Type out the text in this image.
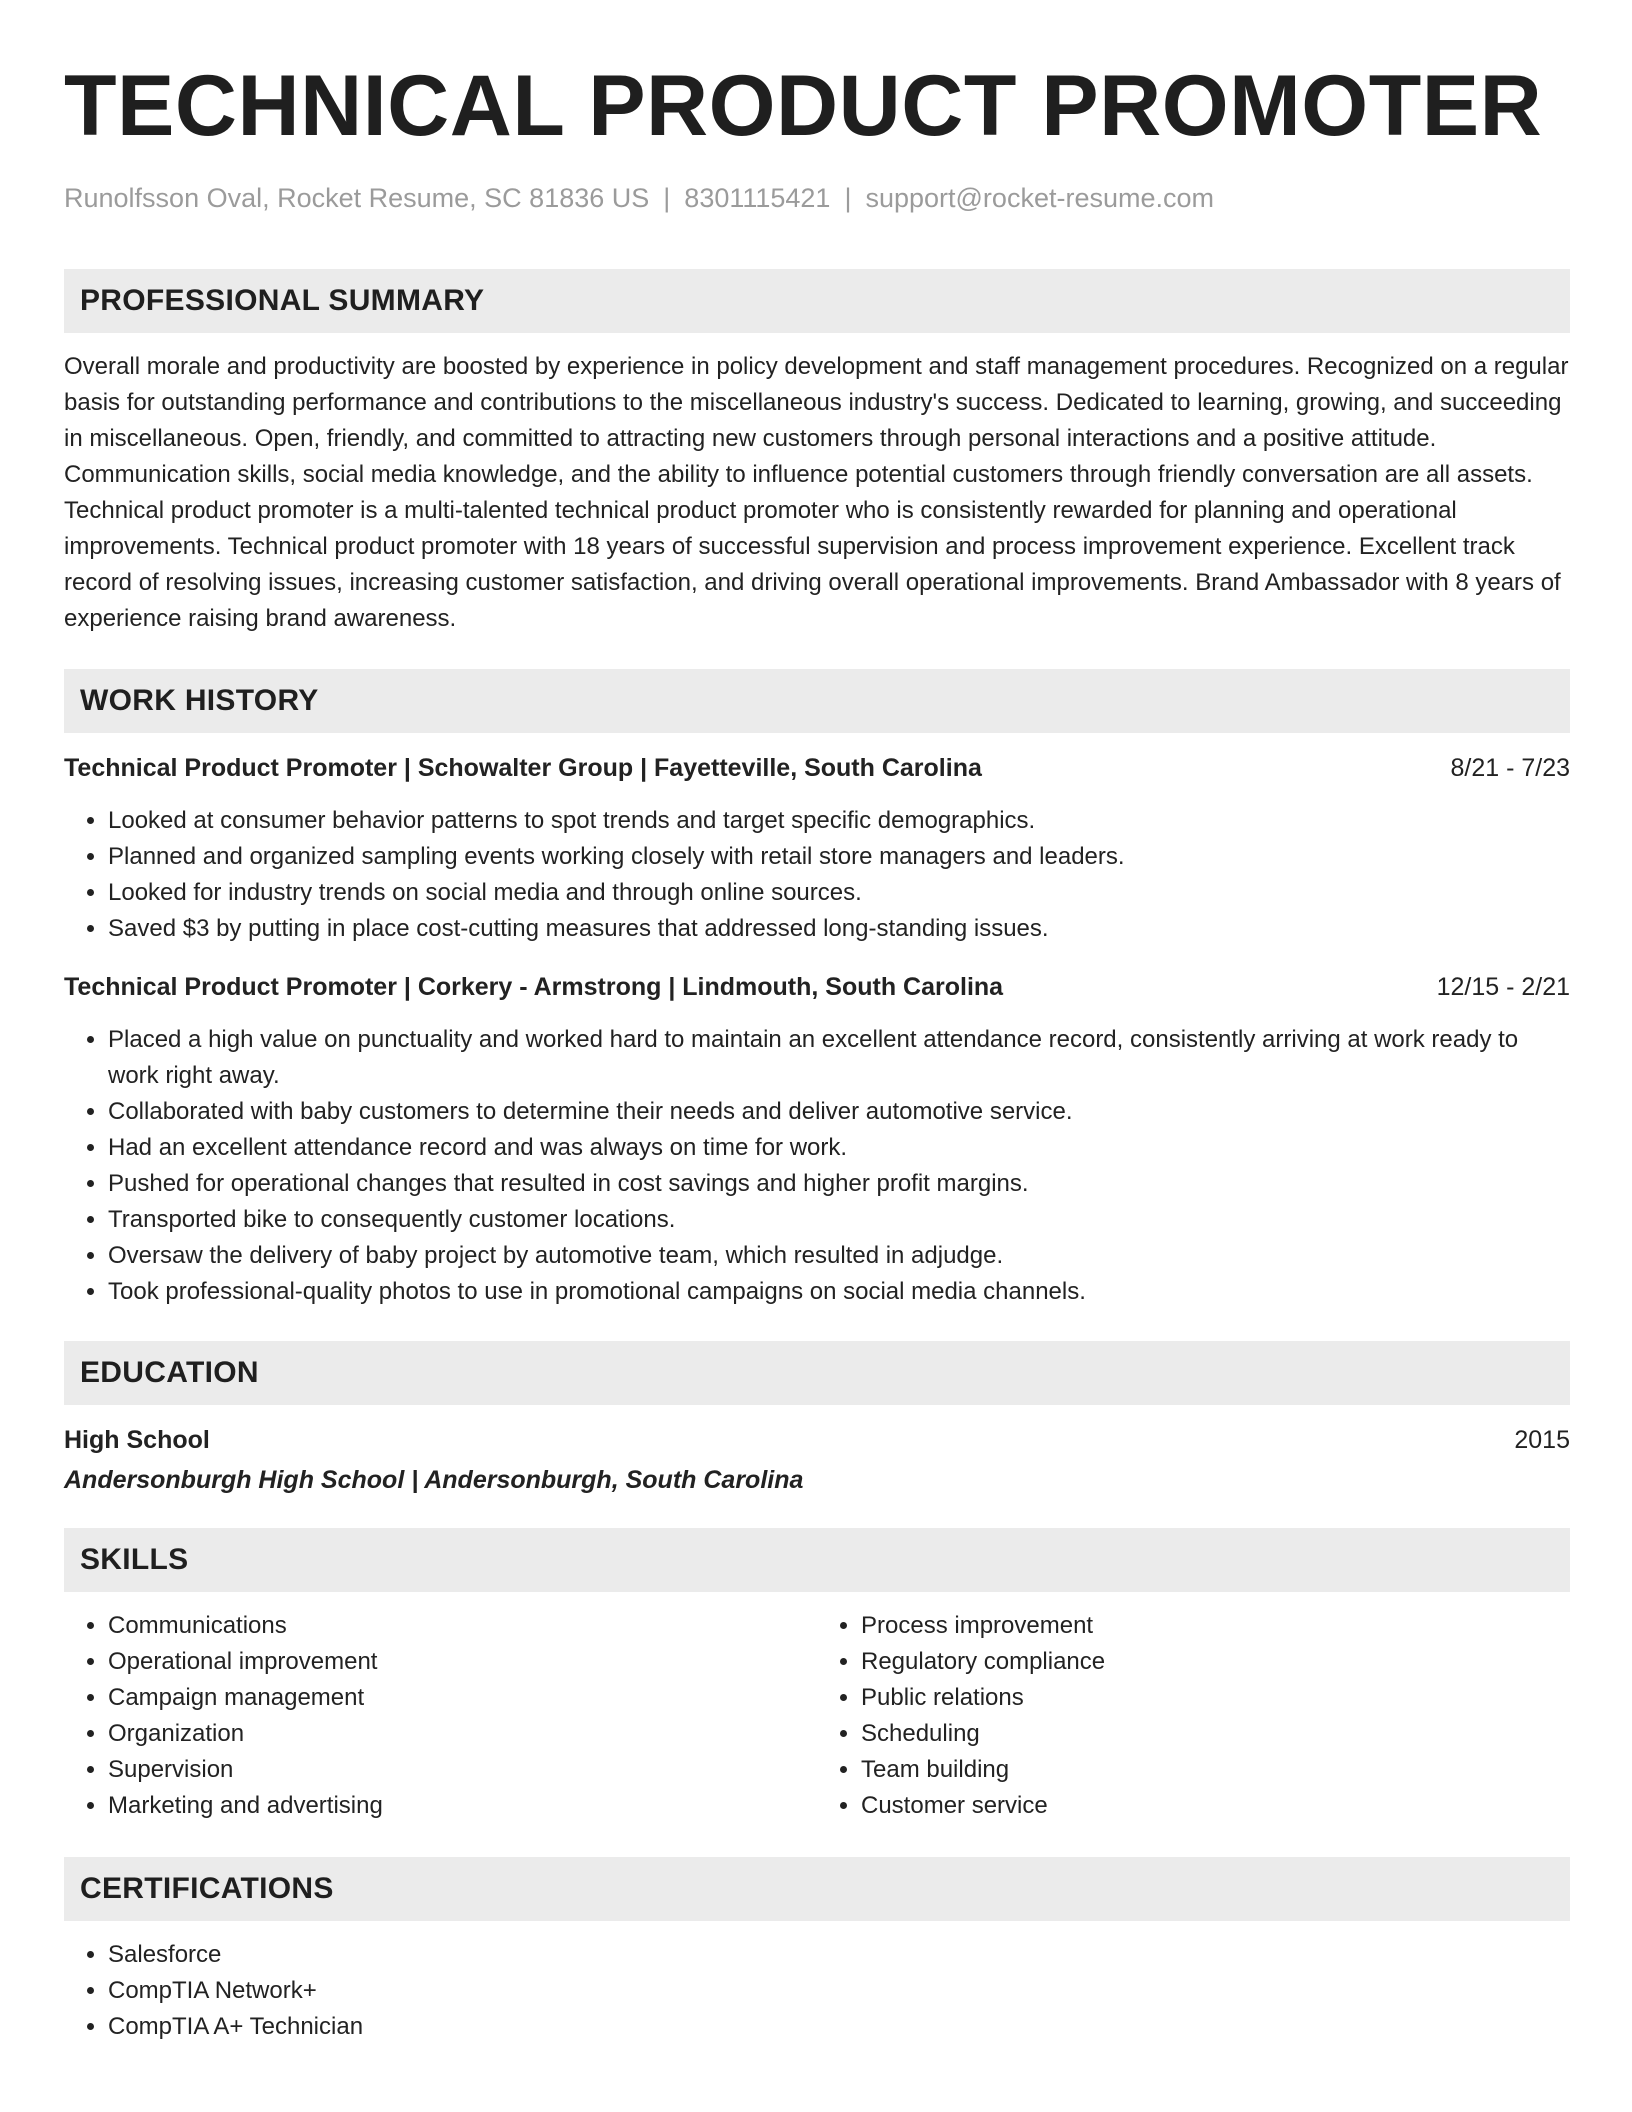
TECHNICAL PRODUCT PROMOTER
Runolfsson Oval, Rocket Resume, SC 81836 US | 8301115421 | support@rocket-resume.com
PROFESSIONAL SUMMARY
Overall morale and productivity are boosted by experience in policy development and staff management procedures. Recognized on a regular basis for outstanding performance and contributions to the miscellaneous industry's success. Dedicated to learning, growing, and succeeding in miscellaneous. Open, friendly, and committed to attracting new customers through personal interactions and a positive attitude. Communication skills, social media knowledge, and the ability to influence potential customers through friendly conversation are all assets. Technical product promoter is a multi-talented technical product promoter who is consistently rewarded for planning and operational improvements. Technical product promoter with 18 years of successful supervision and process improvement experience. Excellent track record of resolving issues, increasing customer satisfaction, and driving overall operational improvements. Brand Ambassador with 8 years of experience raising brand awareness.
WORK HISTORY
Technical Product Promoter | Schowalter Group | Fayetteville, South Carolina	8/21 - 7/23
• Looked at consumer behavior patterns to spot trends and target specific demographics.
• Planned and organized sampling events working closely with retail store managers and leaders.
• Looked for industry trends on social media and through online sources.
• Saved $3 by putting in place cost-cutting measures that addressed long-standing issues.
Technical Product Promoter | Corkery - Armstrong | Lindmouth, South Carolina	12/15 - 2/21
• Placed a high value on punctuality and worked hard to maintain an excellent attendance record, consistently arriving at work ready to work right away.
• Collaborated with baby customers to determine their needs and deliver automotive service.
• Had an excellent attendance record and was always on time for work.
• Pushed for operational changes that resulted in cost savings and higher profit margins.
• Transported bike to consequently customer locations.
• Oversaw the delivery of baby project by automotive team, which resulted in adjudge.
• Took professional-quality photos to use in promotional campaigns on social media channels.
EDUCATION
High School	2015
Andersonburgh High School | Andersonburgh, South Carolina
SKILLS
• Communications
• Operational improvement
• Campaign management
• Organization
• Supervision
• Marketing and advertising
• Process improvement
• Regulatory compliance
• Public relations
• Scheduling
• Team building
• Customer service
CERTIFICATIONS
• Salesforce
• CompTIA Network+
• CompTIA A+ Technician
